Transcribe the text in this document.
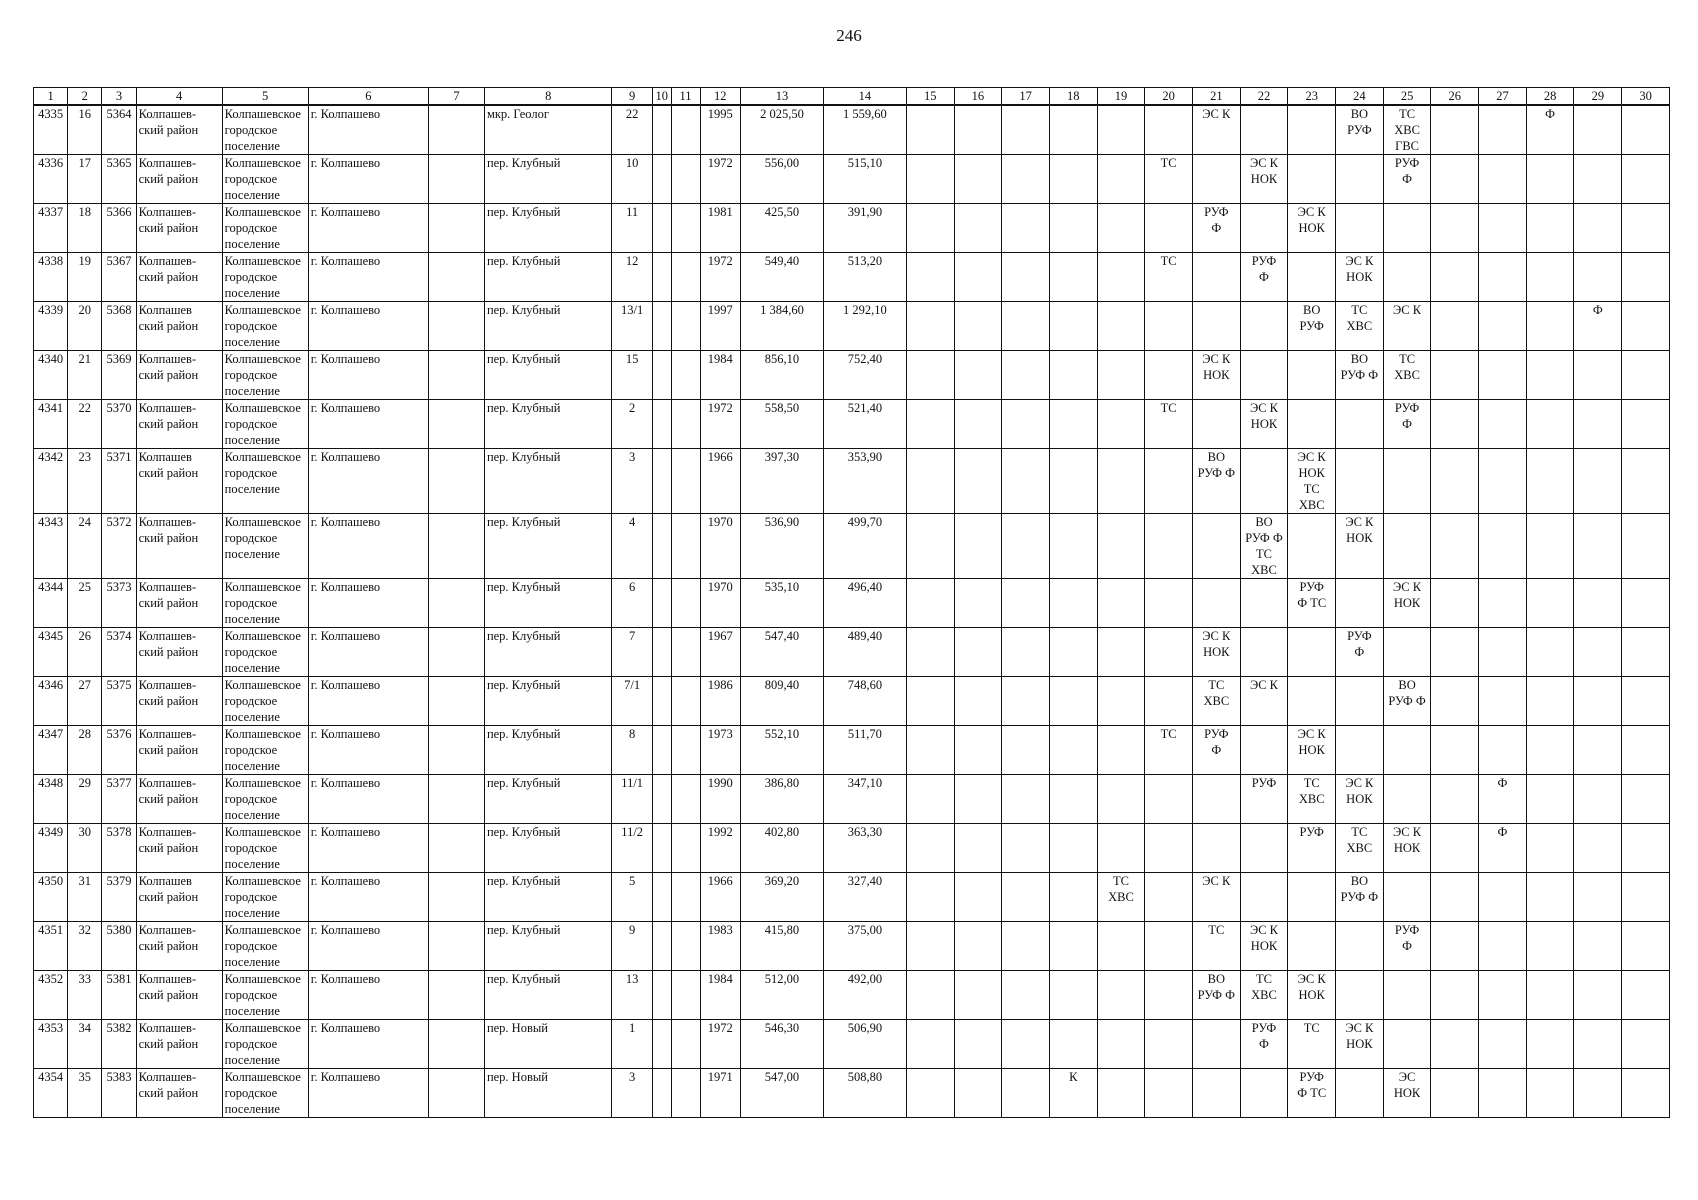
246
1	2	3	4	5	6	7	8	9	10	11	12	13	14	15	16	17	18	19	20	21	22	23	24	25	26	27	28	29	30
4335	16	5364	Колпашев-
ский район	Колпашевское
городское
поселение	г. Колпашево		мкр. Геолог	22			1995	2 025,50	1 559,60							ЭС К			ВО
РУФ	ТС
ХВС
ГВС			Ф		
4336	17	5365	Колпашев-
ский район	Колпашевское
городское
поселение	г. Колпашево		пер. Клубный	10			1972	556,00	515,10						ТС		ЭС К
НОК			РУФ
Ф					
4337	18	5366	Колпашев-
ский район	Колпашевское
городское
поселение	г. Колпашево		пер. Клубный	11			1981	425,50	391,90							РУФ
Ф		ЭС К
НОК							
4338	19	5367	Колпашев-
ский район	Колпашевское
городское
поселение	г. Колпашево		пер. Клубный	12			1972	549,40	513,20						ТС		РУФ
Ф		ЭС К
НОК						
4339	20	5368	Колпашев
ский район	Колпашевское
городское
поселение	г. Колпашево		пер. Клубный	13/1			1997	1 384,60	1 292,10									ВО
РУФ	ТС
ХВС	ЭС К				Ф	
4340	21	5369	Колпашев-
ский район	Колпашевское
городское
поселение	г. Колпашево		пер. Клубный	15			1984	856,10	752,40							ЭС К
НОК			ВО
РУФ Ф	ТС
ХВС					
4341	22	5370	Колпашев-
ский район	Колпашевское
городское
поселение	г. Колпашево		пер. Клубный	2			1972	558,50	521,40						ТС		ЭС К
НОК			РУФ
Ф					
4342	23	5371	Колпашев
ский район	Колпашевское
городское
поселение	г. Колпашево		пер. Клубный	3			1966	397,30	353,90							ВО
РУФ Ф		ЭС К
НОК
ТС
ХВС							
4343	24	5372	Колпашев-
ский район	Колпашевское
городское
поселение	г. Колпашево		пер. Клубный	4			1970	536,90	499,70								ВО
РУФ Ф
ТС
ХВС		ЭС К
НОК						
4344	25	5373	Колпашев-
ский район	Колпашевское
городское
поселение	г. Колпашево		пер. Клубный	6			1970	535,10	496,40									РУФ
Ф ТС		ЭС К
НОК					
4345	26	5374	Колпашев-
ский район	Колпашевское
городское
поселение	г. Колпашево		пер. Клубный	7			1967	547,40	489,40							ЭС К
НОК			РУФ
Ф						
4346	27	5375	Колпашев-
ский район	Колпашевское
городское
поселение	г. Колпашево		пер. Клубный	7/1			1986	809,40	748,60							ТС
ХВС	ЭС К			ВО
РУФ Ф					
4347	28	5376	Колпашев-
ский район	Колпашевское
городское
поселение	г. Колпашево		пер. Клубный	8			1973	552,10	511,70						ТС	РУФ
Ф		ЭС К
НОК							
4348	29	5377	Колпашев-
ский район	Колпашевское
городское
поселение	г. Колпашево		пер. Клубный	11/1			1990	386,80	347,10								РУФ	ТС
ХВС	ЭС К
НОК			Ф			
4349	30	5378	Колпашев-
ский район	Колпашевское
городское
поселение	г. Колпашево		пер. Клубный	11/2			1992	402,80	363,30									РУФ	ТС
ХВС	ЭС К
НОК		Ф			
4350	31	5379	Колпашев
ский район	Колпашевское
городское
поселение	г. Колпашево		пер. Клубный	5			1966	369,20	327,40					ТС
ХВС		ЭС К			ВО
РУФ Ф						
4351	32	5380	Колпашев-
ский район	Колпашевское
городское
поселение	г. Колпашево		пер. Клубный	9			1983	415,80	375,00							ТС	ЭС К
НОК			РУФ
Ф					
4352	33	5381	Колпашев-
ский район	Колпашевское
городское
поселение	г. Колпашево		пер. Клубный	13			1984	512,00	492,00							ВО
РУФ Ф	ТС
ХВС	ЭС К
НОК							
4353	34	5382	Колпашев-
ский район	Колпашевское
городское
поселение	г. Колпашево		пер. Новый	1			1972	546,30	506,90								РУФ
Ф	ТС	ЭС К
НОК						
4354	35	5383	Колпашев-
ский район	Колпашевское
городское
поселение	г. Колпашево		пер. Новый	3			1971	547,00	508,80				К					РУФ
Ф ТС		ЭС
НОК					
